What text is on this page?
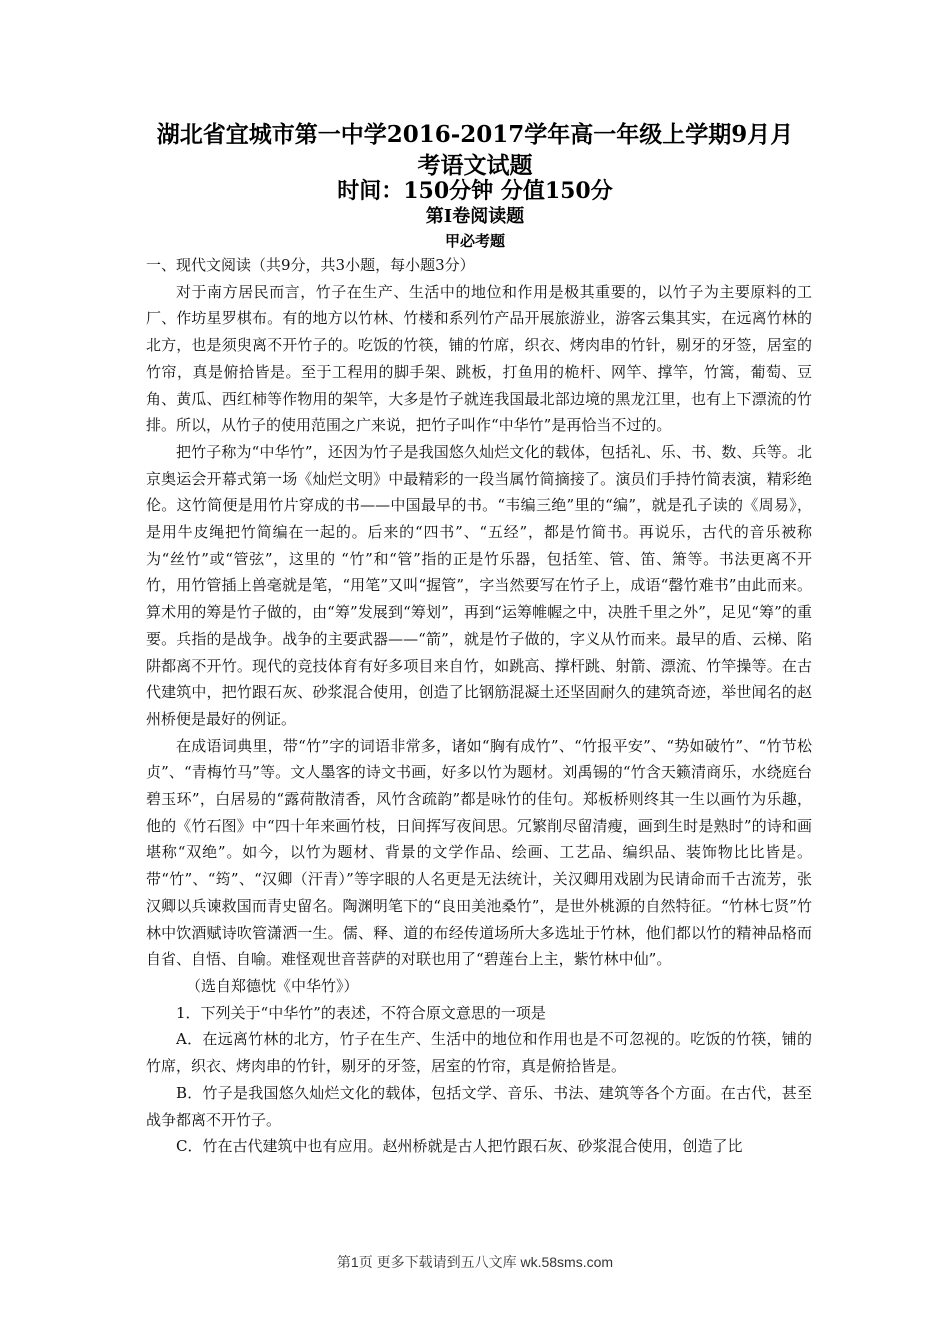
湖北省宜城市第一中学2016-2017学年高一年级上学期9月月
考语文试题
时间：150分钟 分值150分
第Ⅰ卷阅读题
甲必考题

一、现代文阅读（共9分，共3小题，每小题3分）

对于南方居民而言，竹子在生产、生活中的地位和作用是极其重要的，以竹子为主要原料的工厂、作坊星罗棋布。有的地方以竹林、竹楼和系列竹产品开展旅游业，游客云集其实，在远离竹林的北方，也是须臾离不开竹子的。吃饭的竹筷，铺的竹席，织衣、烤肉串的竹针，剔牙的牙签，居室的竹帘，真是俯拾皆是。至于工程用的脚手架、跳板，打鱼用的桅杆、网竿、撑竿，竹篙，葡萄、豆角、黄瓜、西红柿等作物用的架竿，大多是竹子就连我国最北部边境的黑龙江里，也有上下漂流的竹排。所以，从竹子的使用范围之广来说，把竹子叫作“中华竹”是再恰当不过的。

把竹子称为“中华竹”，还因为竹子是我国悠久灿烂文化的载体，包括礼、乐、书、数、兵等。北京奥运会开幕式第一场《灿烂文明》中最精彩的一段当属竹简摘接了。演员们手持竹简表演，精彩绝伦。这竹简便是用竹片穿成的书——中国最早的书。“韦编三绝”里的“编”，就是孔子读的《周易》，是用牛皮绳把竹简编在一起的。后来的“四书”、“五经”，都是竹简书。再说乐，古代的音乐被称为“丝竹”或“管弦”，这里的 “竹”和“管”指的正是竹乐器，包括笙、管、笛、箫等。书法更离不开竹，用竹管插上兽毫就是笔，“用笔”又叫“握管”，字当然要写在竹子上，成语“罄竹难书”由此而来。算术用的筹是竹子做的，由“筹”发展到“筹划”，再到“运筹帷幄之中，决胜千里之外”，足见“筹”的重要。兵指的是战争。战争的主要武器——“箭”，就是竹子做的，字义从竹而来。最早的盾、云梯、陷阱都离不开竹。现代的竞技体育有好多项目来自竹，如跳高、撑杆跳、射箭、漂流、竹竿操等。在古代建筑中，把竹跟石灰、砂浆混合使用，创造了比钢筋混凝土还坚固耐久的建筑奇迹，举世闻名的赵州桥便是最好的例证。

在成语词典里，带“竹”字的词语非常多，诸如“胸有成竹”、“竹报平安”、“势如破竹”、“竹节松贞”、“青梅竹马”等。文人墨客的诗文书画，好多以竹为题材。刘禹锡的“竹含天籁清商乐，水绕庭台碧玉环”，白居易的“露荷散清香，风竹含疏韵”都是咏竹的佳句。郑板桥则终其一生以画竹为乐趣，他的《竹石图》中“四十年来画竹枝，日间挥写夜间思。冗繁削尽留清瘦，画到生时是熟时”的诗和画堪称“双绝”。如今，以竹为题材、背景的文学作品、绘画、工艺品、编织品、装饰物比比皆是。带“竹”、“筠”、“汉卿（汗青）”等字眼的人名更是无法统计，关汉卿用戏剧为民请命而千古流芳，张汉卿以兵谏救国而青史留名。陶渊明笔下的“良田美池桑竹”，是世外桃源的自然特征。“竹林七贤”竹林中饮酒赋诗吹管潇洒一生。儒、释、道的布经传道场所大多选址于竹林，他们都以竹的精神品格而自省、自悟、自喻。难怪观世音菩萨的对联也用了“碧莲台上主，紫竹林中仙”。

（选自郑德忱《中华竹》）

1．下列关于“中华竹”的表述，不符合原文意思的一项是

A．在远离竹林的北方，竹子在生产、生活中的地位和作用也是不可忽视的。吃饭的竹筷，铺的竹席，织衣、烤肉串的竹针，剔牙的牙签，居室的竹帘，真是俯拾皆是。

B．竹子是我国悠久灿烂文化的载体，包括文学、音乐、书法、建筑等各个方面。在古代，甚至战争都离不开竹子。

C．竹在古代建筑中也有应用。赵州桥就是古人把竹跟石灰、砂浆混合使用，创造了比

第1页 更多下载请到五八文库 wk.58sms.com
